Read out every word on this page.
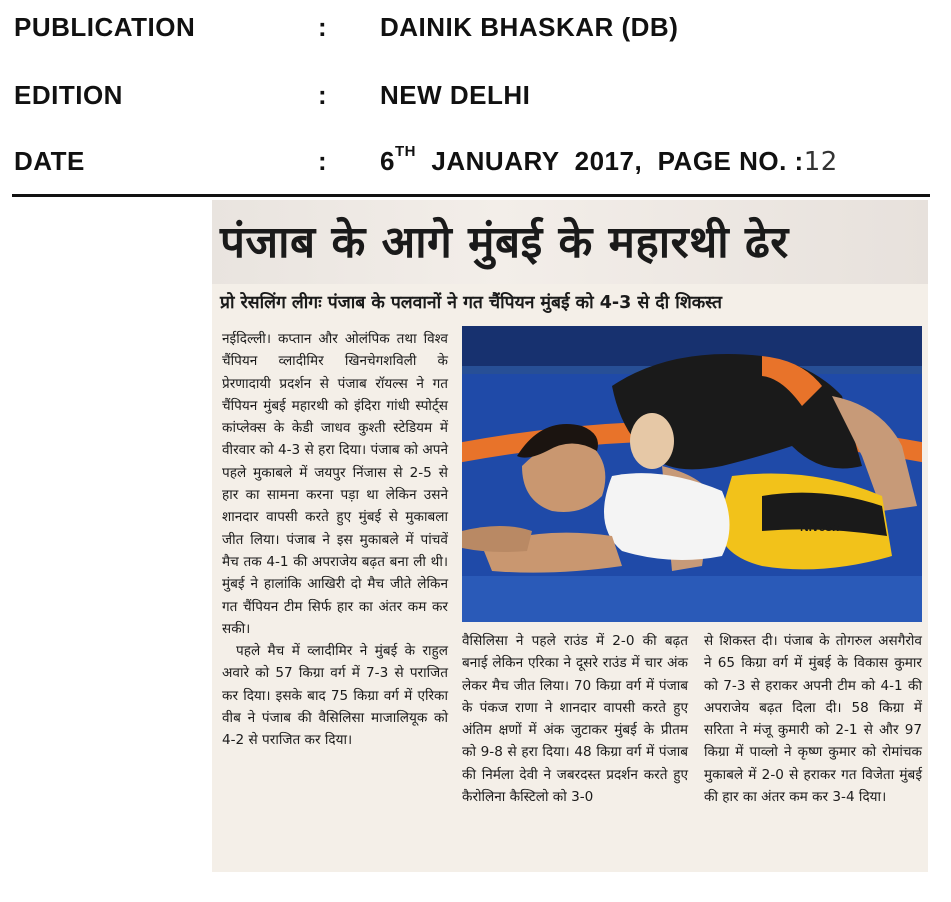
PUBLICATION	: DAINIK BHASKAR (DB)
EDITION	: NEW DELHI
DATE	: 6TH JANUARY  2017,  PAGE NO. :12
पंजाब के आगे मुंबई के महारथी ढेर
प्रो रेसलिंग लीगः पंजाब के पलवानों ने गत चैंपियन मुंबई को 4-3 से दी शिकस्त

नईदिल्ली। कप्तान और ओलंपिक तथा विश्व चैंपियन व्लादीमिर खिनचेगशविली के प्रेरणादायी प्रदर्शन से पंजाब रॉयल्स ने गत चैंपियन मुंबई महारथी को इंदिरा गांधी स्पोर्ट्स कांप्लेक्स के केडी जाधव कुश्ती स्टेडियम में वीरवार को 4-3 से हरा दिया। पंजाब को अपने पहले मुकाबले में जयपुर निंजास से 2-5 से हार का सामना करना पड़ा था लेकिन उसने शानदार वापसी करते हुए मुंबई से मुकाबला जीत लिया। पंजाब ने इस मुकाबले में पांचवें मैच तक 4-1 की अपराजेय बढ़त बना ली थी। मुंबई ने हालांकि आखिरी दो मैच जीते लेकिन गत चैंपियन टीम सिर्फ हार का अंतर कम कर सकी।

पहले मैच में व्लादीमिर ने मुंबई के राहुल अवारे को 57 किग्रा वर्ग में 7-3 से पराजित कर दिया। इसके बाद 75 किग्रा वर्ग में एरिका वीब ने पंजाब की वैसिलिसा माजालियूक को 4-2 से पराजित कर दिया।

Nivesh

वैसिलिसा ने पहले राउंड में 2-0 की बढ़त बनाई लेकिन एरिका ने दूसरे राउंड में चार अंक लेकर मैच जीत लिया। 70 किग्रा वर्ग में पंजाब के पंकज राणा ने शानदार वापसी करते हुए अंतिम क्षणों में अंक जुटाकर मुंबई के प्रीतम को 9-8 से हरा दिया। 48 किग्रा वर्ग में पंजाब की निर्मला देवी ने जबरदस्त प्रदर्शन करते हुए कैरोलिना कैस्टिलो को 3-0

से शिकस्त दी। पंजाब के तोगरुल असगैरोव ने 65 किग्रा वर्ग में मुंबई के विकास कुमार को 7-3 से हराकर अपनी टीम को 4-1 की अपराजेय बढ़त दिला दी। 58 किग्रा में सरिता ने मंजू कुमारी को 2-1 से और 97 किग्रा में पाव्लो ने कृष्ण कुमार को रोमांचक मुकाबले में 2-0 से हराकर गत विजेता मुंबई की हार का अंतर कम कर 3-4 दिया।
